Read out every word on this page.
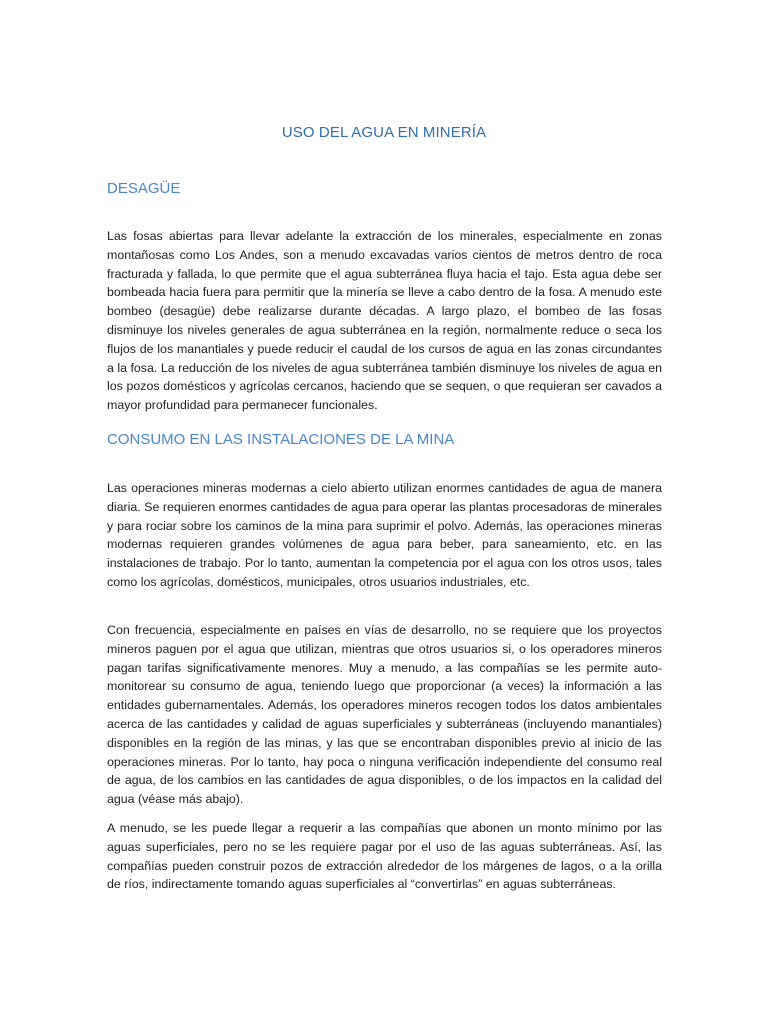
USO DEL AGUA EN MINERÍA
DESAGÜE

Las fosas abiertas para llevar adelante la extracción de los minerales, especialmente en zonas montañosas como Los Andes, son a menudo excavadas varios cientos de metros dentro de roca fracturada y fallada, lo que permite que el agua subterránea fluya hacia el tajo. Esta agua debe ser bombeada hacia fuera para permitir que la minería se lleve a cabo dentro de la fosa. A menudo este bombeo (desagüe) debe realizarse durante décadas. A largo plazo, el bombeo de las fosas disminuye los niveles generales de agua subterránea en la región, normalmente reduce o seca los flujos de los manantiales y puede reducir el caudal de los cursos de agua en las zonas circundantes a la fosa. La reducción de los niveles de agua subterránea también disminuye los niveles de agua en los pozos domésticos y agrícolas cercanos, haciendo que se sequen, o que requieran ser cavados a mayor profundidad para permanecer funcionales.

CONSUMO EN LAS INSTALACIONES DE LA MINA

Las operaciones mineras modernas a cielo abierto utilizan enormes cantidades de agua de manera diaria. Se requieren enormes cantidades de agua para operar las plantas procesadoras de minerales y para rociar sobre los caminos de la mina para suprimir el polvo. Además, las operaciones mineras modernas requieren grandes volúmenes de agua para beber, para saneamiento, etc. en las instalaciones de trabajo. Por lo tanto, aumentan la competencia por el agua con los otros usos, tales como los agrícolas, domésticos, municipales, otros usuarios industriales, etc.

Con frecuencia, especialmente en países en vías de desarrollo, no se requiere que los proyectos mineros paguen por el agua que utilizan, mientras que otros usuarios si, o los operadores mineros pagan tarifas significativamente menores. Muy a menudo, a las compañías se les permite auto-monitorear su consumo de agua, teniendo luego que proporcionar (a veces) la información a las entidades gubernamentales. Además, los operadores mineros recogen todos los datos ambientales acerca de las cantidades y calidad de aguas superficiales y subterráneas (incluyendo manantiales) disponibles en la región de las minas, y las que se encontraban disponibles previo al inicio de las operaciones mineras. Por lo tanto, hay poca o ninguna verificación independiente del consumo real de agua, de los cambios en las cantidades de agua disponibles, o de los impactos en la calidad del agua (véase más abajo).

A menudo, se les puede llegar a requerir a las compañías que abonen un monto mínimo por las aguas superficiales, pero no se les requiere pagar por el uso de las aguas subterráneas. Así, las compañías pueden construir pozos de extracción alrededor de los márgenes de lagos, o a la orilla de ríos, indirectamente tomando aguas superficiales al “convertirlas” en aguas subterráneas.
